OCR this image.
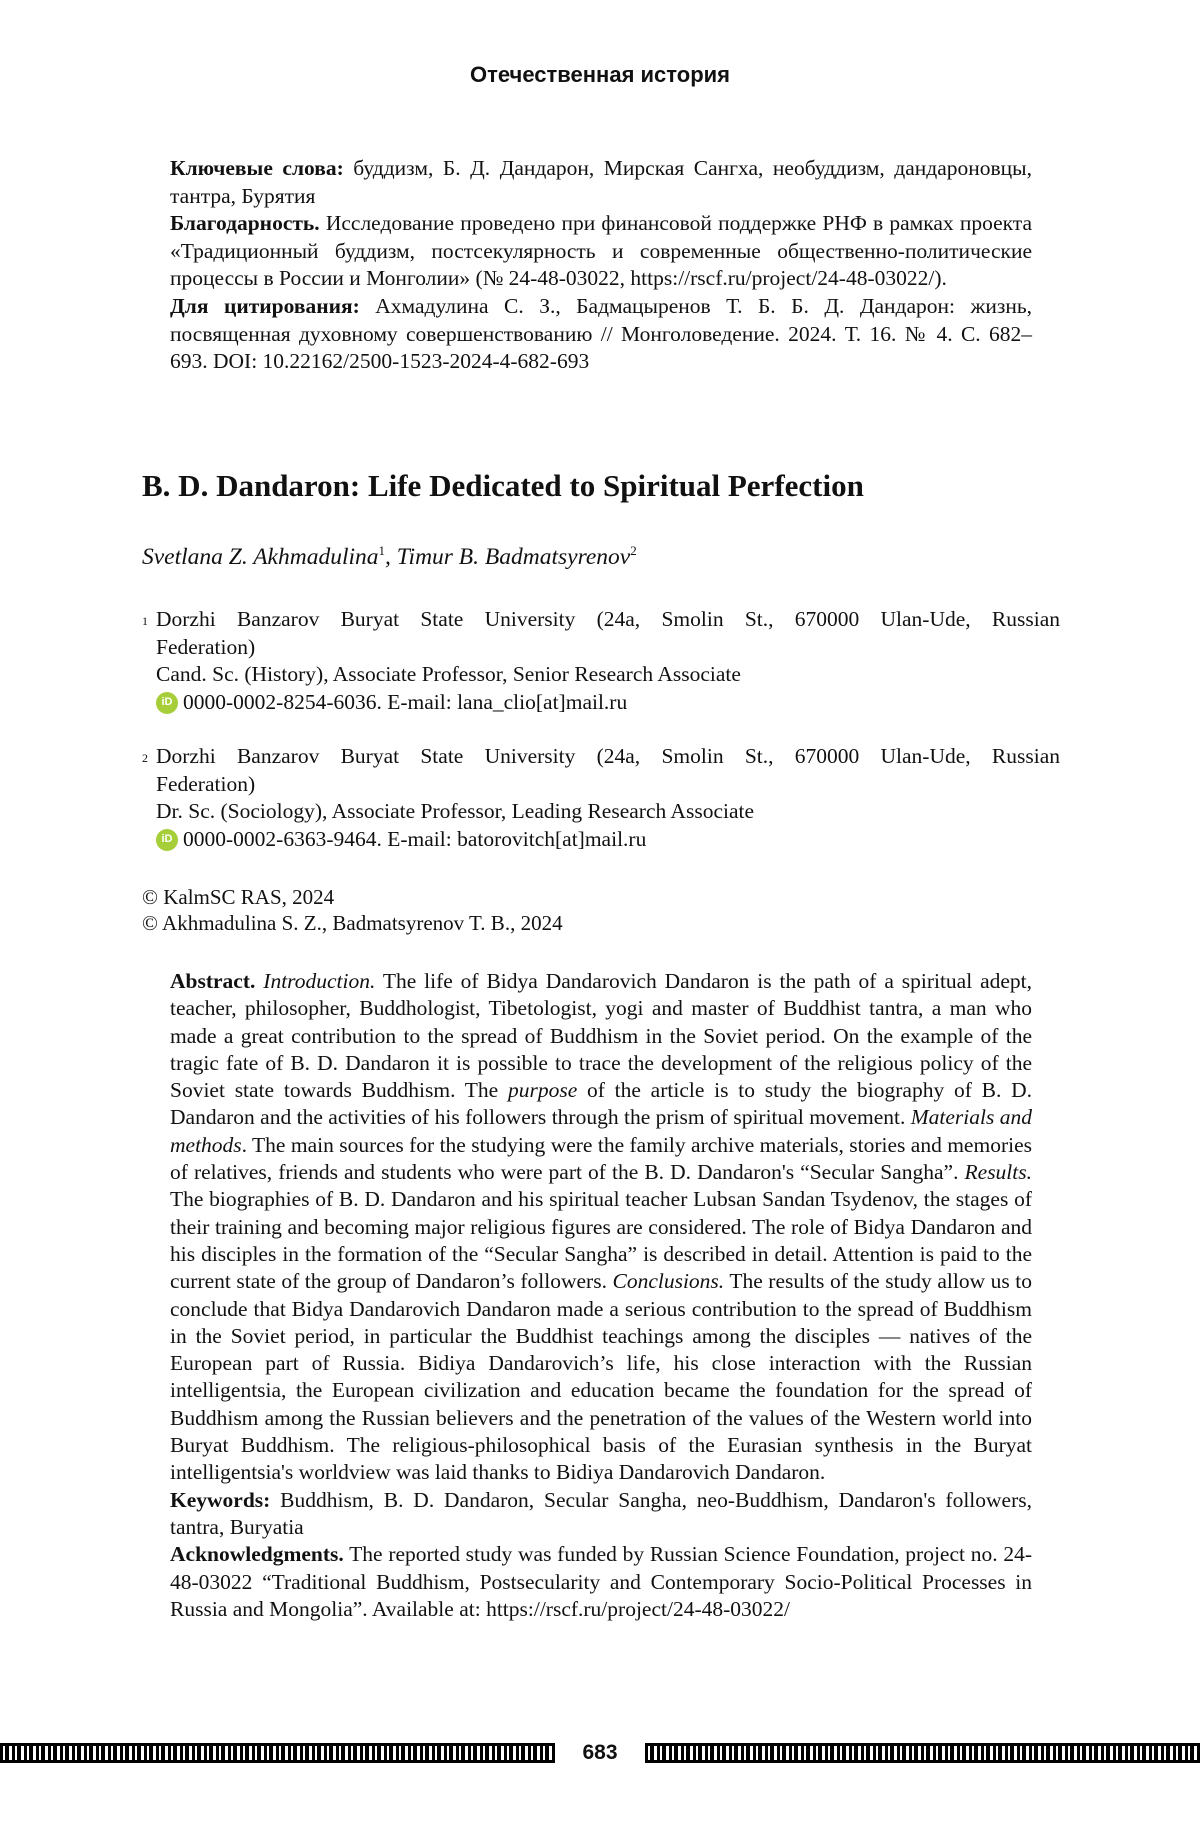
Отечественная история

Ключевые слова: буддизм, Б. Д. Дандарон, Мирская Сангха, необуддизм, дандароновцы, тантра, Бурятия

Благодарность. Исследование проведено при финансовой поддержке РНФ в рамках проекта «Традиционный буддизм, постсекулярность и современные общественно-политические процессы в России и Монголии» (№ 24-48-03022, https://rscf.ru/project/24-48-03022/).

Для цитирования: Ахмадулина С. З., Бадмацыренов Т. Б. Б. Д. Дандарон: жизнь, посвященная духовному совершенствованию // Монголоведение. 2024. Т. 16. № 4. С. 682–693. DOI: 10.22162/2500-1523-2024-4-682-693

B. D. Dandaron: Life Dedicated to Spiritual Perfection
Svetlana Z. Akhmadulina1, Timur B. Badmatsyrenov2
1 Dorzhi Banzarov Buryat State University (24a, Smolin St., 670000 Ulan-Ude, Russian
Federation)
Cand. Sc. (History), Associate Professor, Senior Research Associate
iD 0000-0002-8254-6036. E-mail: lana_clio[at]mail.ru
2 Dorzhi Banzarov Buryat State University (24a, Smolin St., 670000 Ulan-Ude, Russian
Federation)
Dr. Sc. (Sociology), Associate Professor, Leading Research Associate
iD 0000-0002-6363-9464. E-mail: batorovitch[at]mail.ru

© KalmSC RAS, 2024

© Akhmadulina S. Z., Badmatsyrenov T. B., 2024

Abstract. Introduction. The life of Bidya Dandarovich Dandaron is the path of a spiritual adept, teacher, philosopher, Buddhologist, Tibetologist, yogi and master of Buddhist tantra, a man who made a great contribution to the spread of Buddhism in the Soviet period. On the example of the tragic fate of B. D. Dandaron it is possible to trace the development of the religious policy of the Soviet state towards Buddhism. The purpose of the article is to study the biography of B. D. Dandaron and the activities of his followers through the prism of spiritual movement. Materials and methods. The main sources for the studying were the family archive materials, stories and memories of relatives, friends and students who were part of the B. D. Dandaron's “Secular Sangha”. Results. The biographies of B. D. Dandaron and his spiritual teacher Lubsan Sandan Tsydenov, the stages of their training and becoming major religious figures are considered. The role of Bidya Dandaron and his disciples in the formation of the “Secular Sangha” is described in detail. Attention is paid to the current state of the group of Dandaron’s followers. Conclusions. The results of the study allow us to conclude that Bidya Dandarovich Dandaron made a serious contribution to the spread of Buddhism in the Soviet period, in particular the Buddhist teachings among the disciples — natives of the European part of Russia. Bidiya Dandarovich’s life, his close interaction with the Russian intelligentsia, the European civilization and education became the foundation for the spread of Buddhism among the Russian believers and the penetration of the values of the Western world into Buryat Buddhism. The religious-philosophical basis of the Eurasian synthesis in the Buryat intelligentsia's worldview was laid thanks to Bidiya Dandarovich Dandaron.

Keywords: Buddhism, B. D. Dandaron, Secular Sangha, neo-Buddhism, Dandaron's followers, tantra, Buryatia

Acknowledgments. The reported study was funded by Russian Science Foundation, project no. 24-48-03022 “Traditional Buddhism, Postsecularity and Contemporary Socio-Political Processes in Russia and Mongolia”. Available at: https://rscf.ru/project/24-48-03022/

683
